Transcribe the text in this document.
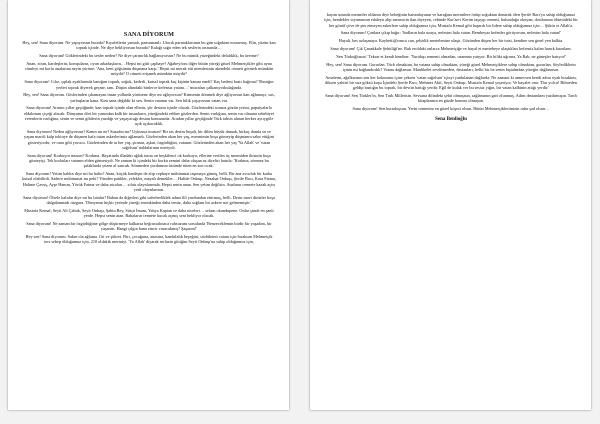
SANA DİYORUM

Hey, sen! Sana diyorum. Ne yapıyorsun burada? Kıyafetlerin yamalı, pansumanlı. Utacık parmaklarımın bu gün soğuktan morarmış. Elin, yüzün kan toprak içinde. Ne diye bekliyorsun burada? Kalağı sağır eden tek seslerin ortasında…

Sana diyorum! Göklerindeki bu sesler neden? Ne diye çarınırlık bağlanıyorsun? Ne bu mimik yüzeğindeki delalıklık, bu üretme?

Anan, ziran, kardeşlerin, komşuların, oyun arkadaşların… Hepsi mi gitti çaphaye? Ağabeyforu diğer bütün yüreği gitsel Mehmetçikler gibi ayna cümleyi mi korlu analarına neyin yürüne: 'Ana, beni göğsünün düşmana karşı.' Hepsi mi merak etti memlesinin akendeki cümeti görmek mümkün müydü? O cümeti erişmek mümkün müydü?

Sana diyorum! Cılız, çıplak ayaklarında banığım toprak, soğuk, kederli, kutsal toprak kaç kişinin kanını emdi? Kaç bedeni bastı bağrına? 'Bastığın yerleri toprak diyerek geçme, tanı. Düşün altındaki binlerce kefensiz yatanı…' mısraları çalkanıyorkulağında.

Hey, sen! Sana diyorum. Göslerinden çıkamayan insan yollarda yürüsene diye mi ağlıyorsun? Kimsenin dönmek diye ağlıyorsun kan ağlamayı, sus, yarbaşların kana. Kim sana değildir ki sen. Senin vatanın var. Sen bilik yaşıyorsun vatan var.

Sana diyorum! Arıntın yıllar geçtiğinde, kan toprak içinde olan ellerin, şiir destanı içinde olacak. Gözlerindeki sonsuz gözün yerini, papatyalarla eldalımını çiçeği alacak. Dünyanın dört bir yanından kalk bir insanların, yüreğindeki rehber gözlerden. Senin varlığına, senin var olmana sebebiyet verenlerin varlığına, senin ve senin gibilerin yazdığı ve yaşayacağı destan konusunda. Aradan yıllar geçtiğinde Türk tahsis alanın herkes ayrıygöle açık açıkacaklık.

Sana diyorum! Neden ağlıyorsun? Kanın mı ne? Susadın mı? Uykusuz musun? Bir tas derim boşalt, bir dilim büyük damak, birkaç damla su ve yaşım marifi kalp toktuye de düşmen kafa tutan askerlerimiz ağlamadı. Gözlerinden akan her yaş, mermimin boşa gitmeyip düşmanın sabır ettiğini gösteriyordu; ve onar gibi yorucu. Gözlerinden de ar her yaş, şiranın, aşkın, özgürlüğün, vatanın. Gözlerinden akan her yaş 'Ya Allah' ve 'vatan sağolsun' naldalarının mertyolt.

Sana diyorum! Korkuyor musun? Korkma. Hayatında illadakı ağlak tutun on beşkilenci ok korkuyu, ellerine verilen üç mermiden ikisinin boşa gitmeyişi. Tek korkuları vatanın elden gitmesiydi. Ne zaman ki içindeki bir korku zemini daha oluşan az diceliri hatırla: 'Korkma, sönmez bu şafaklarda yüzen al sancak. Sönmeden yurdumun üstünde tüten en son ocak.'

Sana diyorum! Yetim kaldın diye mi bu halin? Anan, küçük kardeşin de alıp cephaye mühimmat taşımaya gitmiş, belli. Bir ana avucluk bir kadar kutsal olabilirdi. Sadece mühimmat mı peki? Yünden patikler, yelekler, mayalı demekler… Halide Onbaşı, Nezahat Onbaşı, Şerife Bacı, Kara Fatma, Halime Çavuş, Ayşe Hanım, Yörük Fatma ve daha nicaları… sıfatı olaynlarımda. Hepsi senin anan. Sen yetim değilsin. Anaların cennete kazak açtıs yetil olaynlarının.

Sana diyorum! Ölsele kalıdın diye mi bu bitalın? Baban da diğerleri gibi saferberliklek adına illi yurdundan ettirmuş, belli. Derin mavi dinizler boşa dalgalanmadı rüzgara. 'Dünyanın hiçbir yerinde yüreği seninkinden daha temiz, daha soğlam bir askere not gelmemiştir.'

Mustafa Kemal, Seyit Ali Çabuk, Seyit Onbaşı, Şahin Bey, Sütçü İmam, Yahya Kaptan ve daha niceleri… sefam okundupene. Onlar şimdi en şanlı yerde. Hepsi senin atan. Babaların cennete kucak açmış seni bekliyor olacak.

Sana diyorum! Ne zaman bir özgürlüğüne gölge düşürmeye kalkarsa beğracsalınaca ruhsuzum sorsalında 'Benzeceklemin birdir bir yaşadım, bir yaşarım. Hangi çılgın bana zincir vuracakmış? Şaşarım!'

Hey sen! Sana diyorum. Sakın ola ağlama. Git ve şükret. Biri, çocuğuna, anasına, kandalalık beşeğini, sözlükünü vatanı için bıraksan Mehmetçik ters sebep ölduğumuz için, 210 oldakik mermiyi. 'Ya Allah' diyarak serlazin gittiğim Seyit Onbaşı'na sahip olduğumuz için,

kayan uzunda mermiler oldanın diye bebeğinin bartanlayanın ve karağına mermilere örtüp soğuktan donarak ölen Şerife Bacı'ya sahip olduğumuz için, hendekler toyunumun edaleyn alip mermicin ilan diyeyen, cebinde Kur'an-ı Kerim taşıyıp cenneti, bulunduğa okuyan, dostlarının ölümüdeki bir her gönüf çöve de pes etmeyen askerlere sahip olduğumuz için, Mustafa Kemal gibi başarılı bir lidere sahip olduğumuz için… Şükür et Allah'a.

Sana diyorum! Çanlara çıkıp bağır: 'Sadların bala uzaya, nefesim hala vatan. Bembeyaz kefenler görüyorum, nefesim hala vatan!'

Hayali, kes uzlaşmaya. Kaybetti@omca can, şehirlik mertebesine ulaştı. Gözünden düşen her bir tutsi, kendine sen ginel yen balkta.

Sana diyorum! Çık Çanakkale Şehitliği'ne. Bak eroldaki onlarca Mehmetçiğe ve hayal et mertebeye ulaştıkları kefensiz kalan hanck kuzulam.

'Sen Türkoğlusun.' Tekrar et kendi kendine. 'Yurtdaşı rementi olmadan, uzannna yatıyor. Bir hilikt uğruna. Ya Rab, ne güneşler batıyor!'

Hey, sen! Sana diyorum. Gururlan. Türk olmaktan, bu vatana sahip olmaktan, yüreği güzel Mehmetçiklere sahip olmaktan, gururlan. Söylediklerin içinin mi bağlandırdık? Vatanı dağlamın. Manlıkelet sevdirmeden, destanları, belki bir lıe senin bıştalmdan yüreğin dağlanırsın.

Anıalerin, ağalkarının sen ker kokusunu içine çeksen 'vatan sağolsun' içinyi yankılanan dağlarda. Ne zamani ki annevsen kendi adını oyak bıraktım, diksen yabirti bir sıra göksü kuşu İçindeki Şerife Bacı, Mehmet Akif, Seyit Onbaşı, Mustafa Kemal yeşeriyor. Ve hayalet ona: 'Dur yolcu! Bilmeden geldip bastığın bu toprak, bir devrin battığı yerdir. Eğil de kulak ver bu sessiz yığın, bir vatan kalbinin attığı yerdir.'

Sana diyorum! Sen Türkler'in, Sen Türk Milletisin. Sevsana dilindeki şehit olmuşsun, sağlamının gari olunmuş. Adını destandam yazdırmışın. Tarih kitaplarının en güzde konusu olmuşun.

Sana diyorum! Sen kurtuluşsun. Yerin cennetim en güzel köşesi olsun. Bütün Mehmetçiklerimizin ruhu şad olsun…

Sena Benlioğlu
